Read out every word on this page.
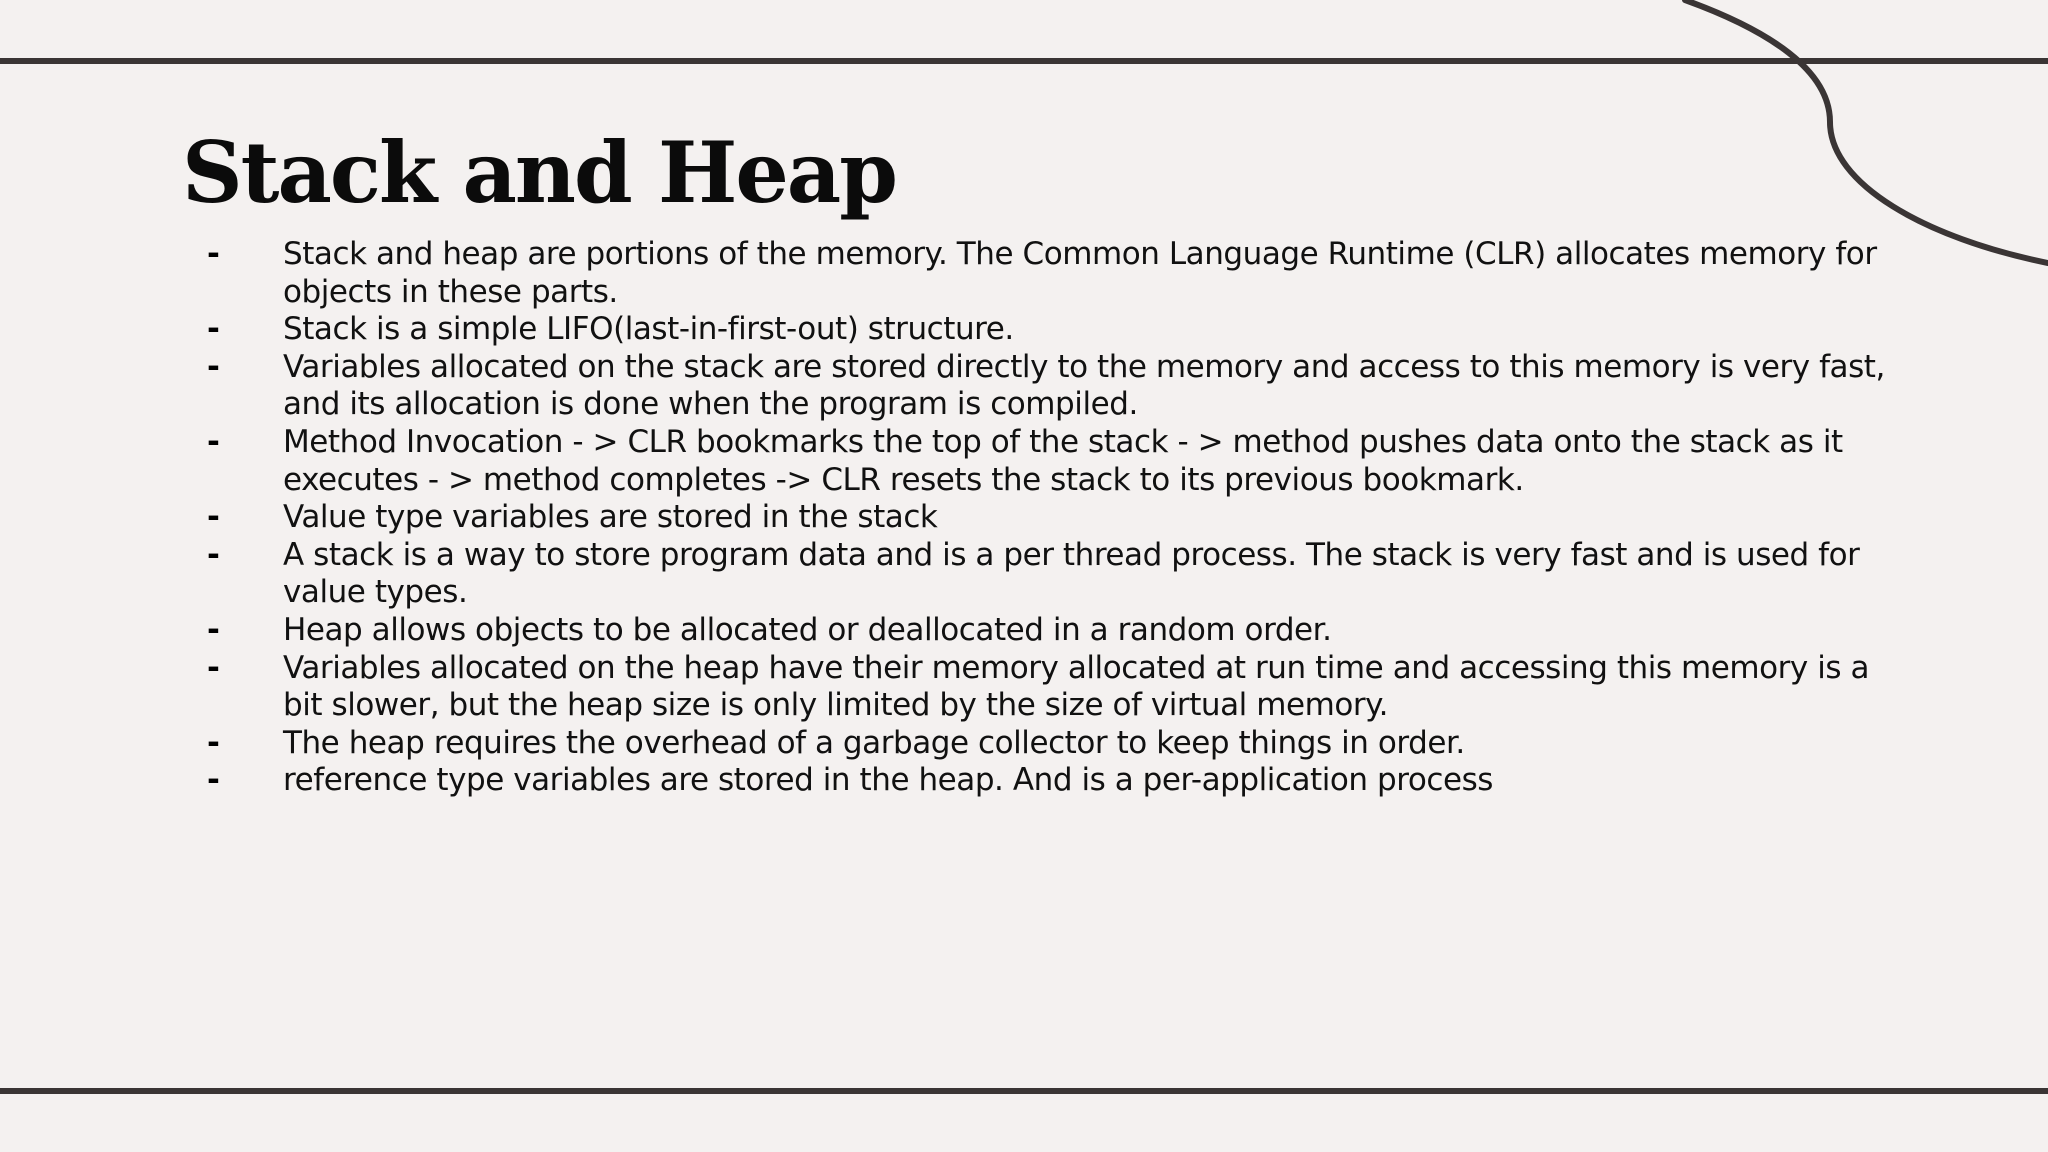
Stack and Heap
- Stack and heap are portions of the memory. The Common Language Runtime (CLR) allocates memory for objects in these parts.
- Stack is a simple LIFO(last-in-first-out) structure.
- Variables allocated on the stack are stored directly to the memory and access to this memory is very fast, and its allocation is done when the program is compiled.
- Method Invocation - > CLR bookmarks the top of the stack - > method pushes data onto the stack as it executes - > method completes -> CLR resets the stack to its previous bookmark.
- Value type variables are stored in the stack
- A stack is a way to store program data and is a per thread process. The stack is very fast and is used for value types.
- Heap allows objects to be allocated or deallocated in a random order.
- Variables allocated on the heap have their memory allocated at run time and accessing this memory is a bit slower, but the heap size is only limited by the size of virtual memory.
- The heap requires the overhead of a garbage collector to keep things in order.
- reference type variables are stored in the heap. And is a per-application process
